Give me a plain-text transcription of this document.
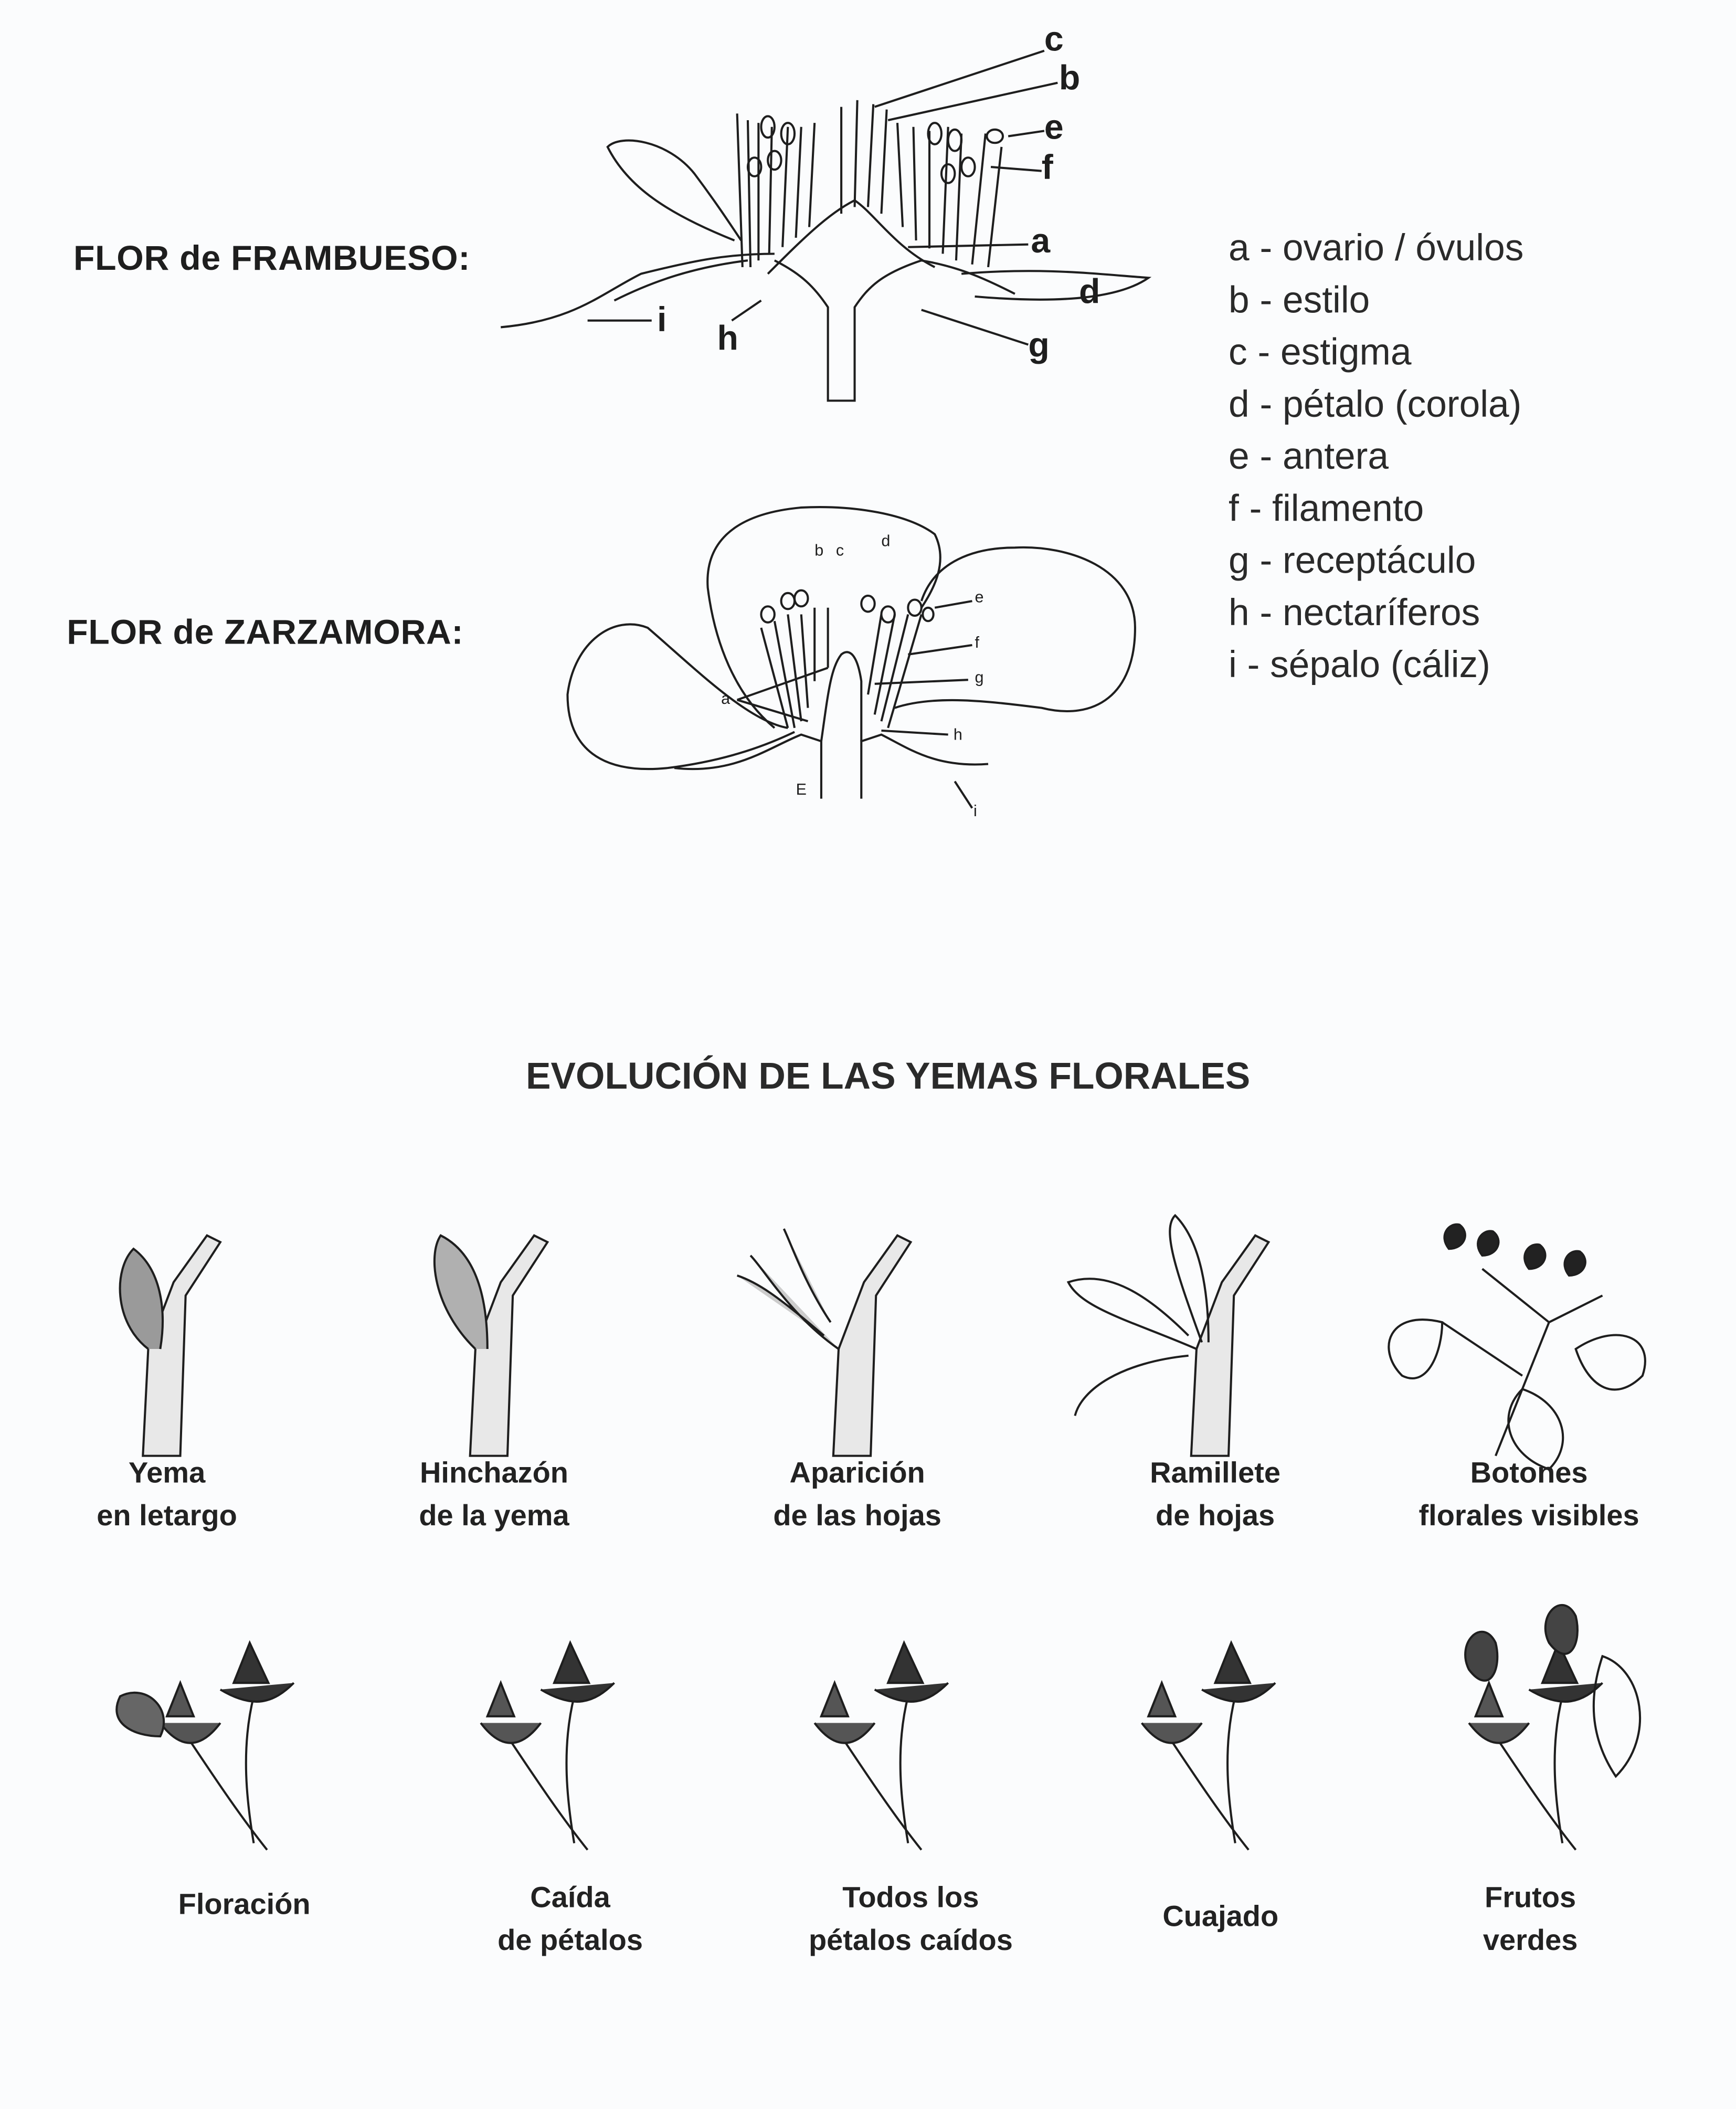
FLOR de FRAMBUESO:
c
b
e
f
a
d
g
h
i
a - ovario / óvulos
b - estilo
c - estigma
d - pétalo (corola)
e - antera
f - filamento
g - receptáculo
h - nectaríferos
i - sépalo (cáliz)
FLOR de ZARZAMORA:
b c	d
e
f
g
a
h
E
i
EVOLUCIÓN DE LAS YEMAS FLORALES
Yema
en letargo
Hinchazón
de la yema
Aparición
de las hojas
Ramillete
de hojas
Botones
florales visibles
Floración	Caída
de pétalos
Todos los
pétalos caídos
Cuajado
Frutos
verdes
